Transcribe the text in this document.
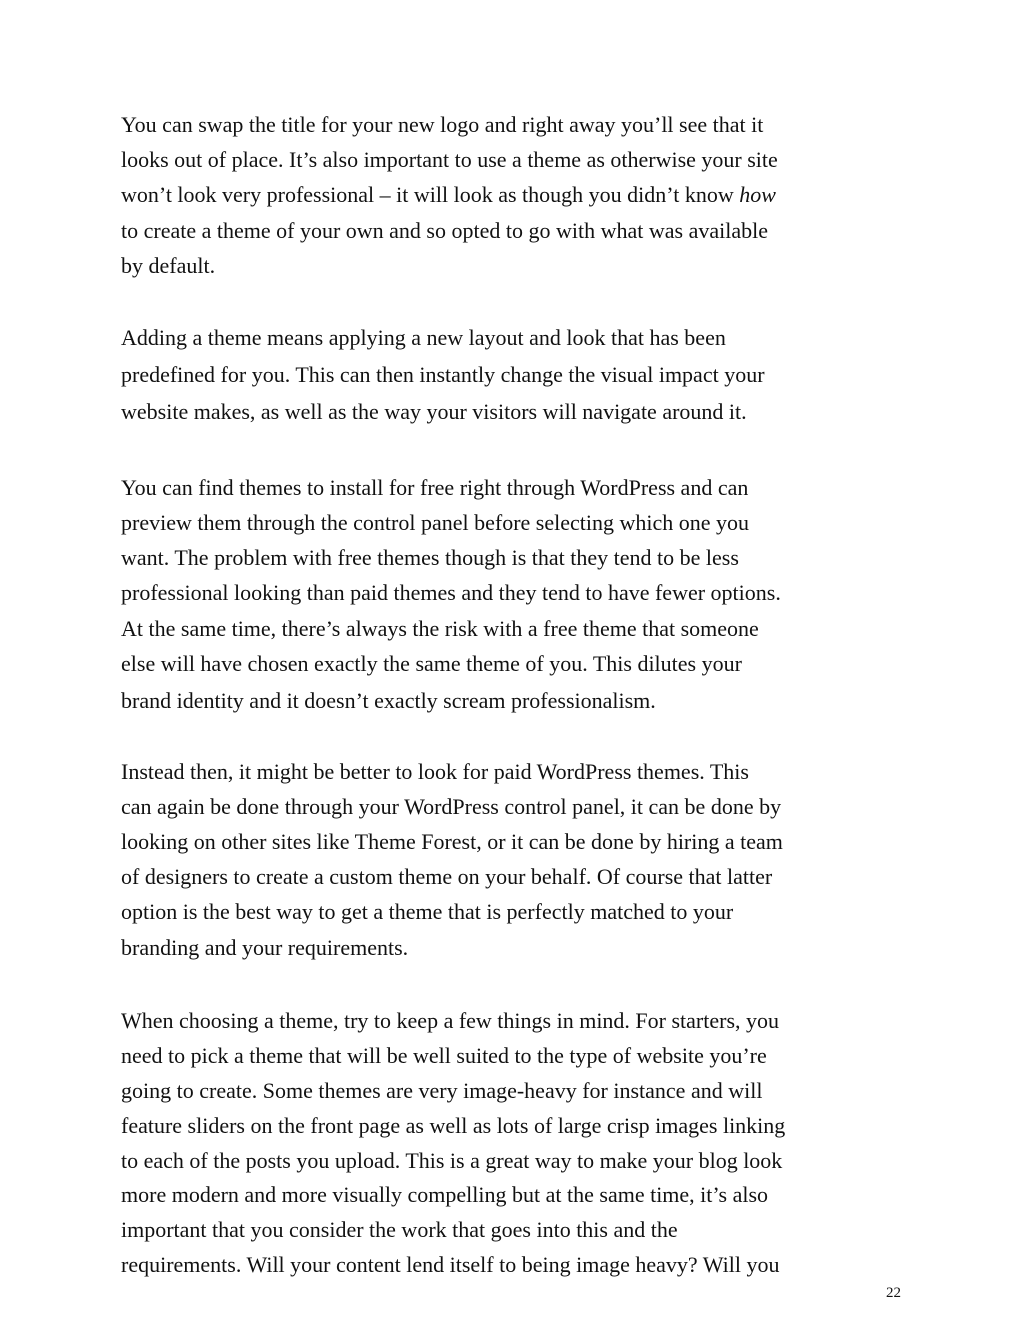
You can swap the title for your new logo and right away you’ll see that it
looks out of place. It’s also important to use a theme as otherwise your site
won’t look very professional – it will look as though you didn’t know how
to create a theme of your own and so opted to go with what was available
by default.
Adding a theme means applying a new layout and look that has been
predefined for you. This can then instantly change the visual impact your
website makes, as well as the way your visitors will navigate around it.
You can find themes to install for free right through WordPress and can
preview them through the control panel before selecting which one you
want. The problem with free themes though is that they tend to be less
professional looking than paid themes and they tend to have fewer options.
At the same time, there’s always the risk with a free theme that someone
else will have chosen exactly the same theme of you. This dilutes your
brand identity and it doesn’t exactly scream professionalism.
Instead then, it might be better to look for paid WordPress themes. This
can again be done through your WordPress control panel, it can be done by
looking on other sites like Theme Forest, or it can be done by hiring a team
of designers to create a custom theme on your behalf. Of course that latter
option is the best way to get a theme that is perfectly matched to your
branding and your requirements.
When choosing a theme, try to keep a few things in mind. For starters, you
need to pick a theme that will be well suited to the type of website you’re
going to create. Some themes are very image-heavy for instance and will
feature sliders on the front page as well as lots of large crisp images linking
to each of the posts you upload. This is a great way to make your blog look
more modern and more visually compelling but at the same time, it’s also
important that you consider the work that goes into this and the
requirements. Will your content lend itself to being image heavy? Will you
22
